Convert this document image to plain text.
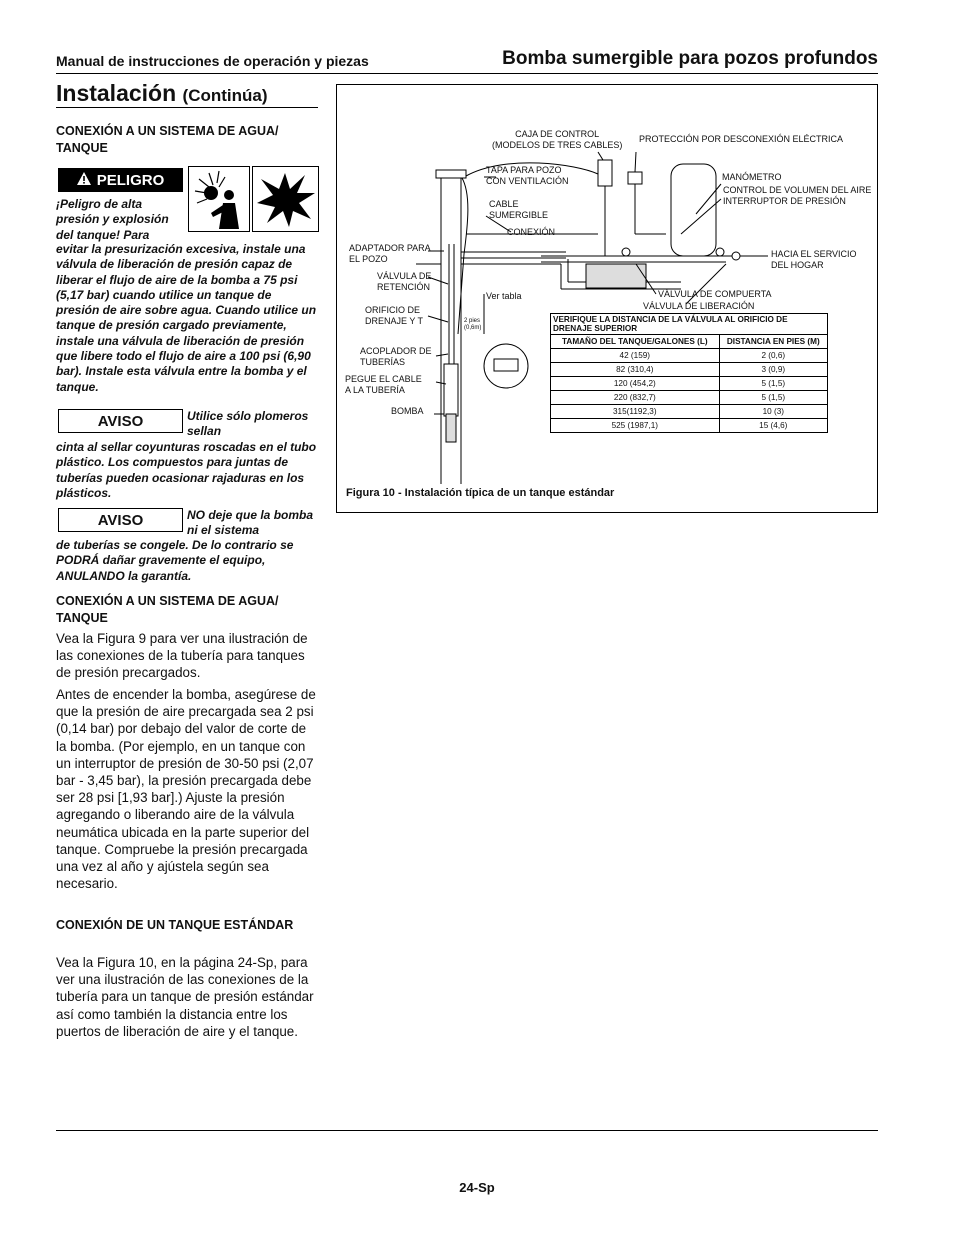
Manual de instrucciones de operación y piezas	Bomba sumergible para pozos profundos
Instalación (Continúa)
CONEXIÓN A UN SISTEMA DE AGUA/ TANQUE
PELIGRO
¡Peligro de alta presión y explosión del tanque! Para
evitar la presurización excesiva, instale una válvula de liberación de presión capaz de liberar el flujo de aire de la bomba a 75 psi (5,17 bar) cuando utilice un tanque de presión de aire sobre agua. Cuando utilice un tanque de presión cargado previamente, instale una válvula de liberación de presión que libere todo el flujo de aire a 100 psi (6,90 bar). Instale esta válvula entre la bomba y el tanque.
AVISO	Utilice sólo plomeros sellan
cinta al sellar coyunturas roscadas en el tubo plástico. Los compuestos para juntas de tuberías pueden ocasionar rajaduras en los plásticos.
AVISO	NO deje que la bomba ni el sistema
de tuberías se congele. De lo contrario se PODRÁ dañar gravemente el equipo, ANULANDO la garantía.
CONEXIÓN A UN SISTEMA DE AGUA/ TANQUE
Vea la Figura 9 para ver una ilustración de las conexiones de la tubería para tanques de presión precargados.
Antes de encender la bomba, asegúrese de que la presión de aire precargada sea 2 psi (0,14 bar) por debajo del valor de corte de la bomba. (Por ejemplo, en un tanque con un interruptor de presión de 30-50 psi (2,07 bar - 3,45 bar), la presión precargada debe ser 28 psi [1,93 bar].) Ajuste la presión agregando o liberando aire de la válvula neumática ubicada en la parte superior del tanque. Compruebe la presión precargada una vez al año y ajústela según sea necesario.
CONEXIÓN DE UN TANQUE ESTÁNDAR
Vea la Figura 10, en la página 24-Sp, para ver una ilustración de las conexiones de la tubería para un tanque de presión estándar así como también la distancia entre los puertos de liberación de aire y el tanque.
CAJA DE CONTROL
(MODELOS DE TRES CABLES)
PROTECCIÓN POR DESCONEXIÓN ELÉCTRICA
TAPA PARA POZO
CON VENTILACIÓN	MANÓMETRO
CONTROL DE VOLUMEN DEL AIRE
INTERRUPTOR DE PRESIÓN
CABLE
SUMERGIBLE
CONEXIÓN
ADAPTADOR PARA
EL POZO	HACIA EL SERVICIO
DEL HOGAR
VÁLVULA DE
RETENCIÓN
Ver tabla	VÁLVULA DE COMPUERTA
VÁLVULA DE LIBERACIÓN
ORIFICIO DE
DRENAJE Y T	2 pies
(0,6m)
ACOPLADOR DE
TUBERÍAS
PEGUE EL CABLE
A LA TUBERÍA
BOMBA
VERIFIQUE LA DISTANCIA DE LA VÁLVULA AL ORIFICIO DE DRENAJE SUPERIOR	
TAMAÑO DEL TANQUE/GALONES (L)	DISTANCIA EN PIES (M)
42 (159)	2 (0,6)
82 (310,4)	3 (0,9)
120 (454,2)	5 (1,5)
220 (832,7)	5 (1,5)
315(1192,3)	10 (3)
525 (1987,1)	15 (4,6)
Figura 10 - Instalación típica de un tanque estándar
24-Sp
